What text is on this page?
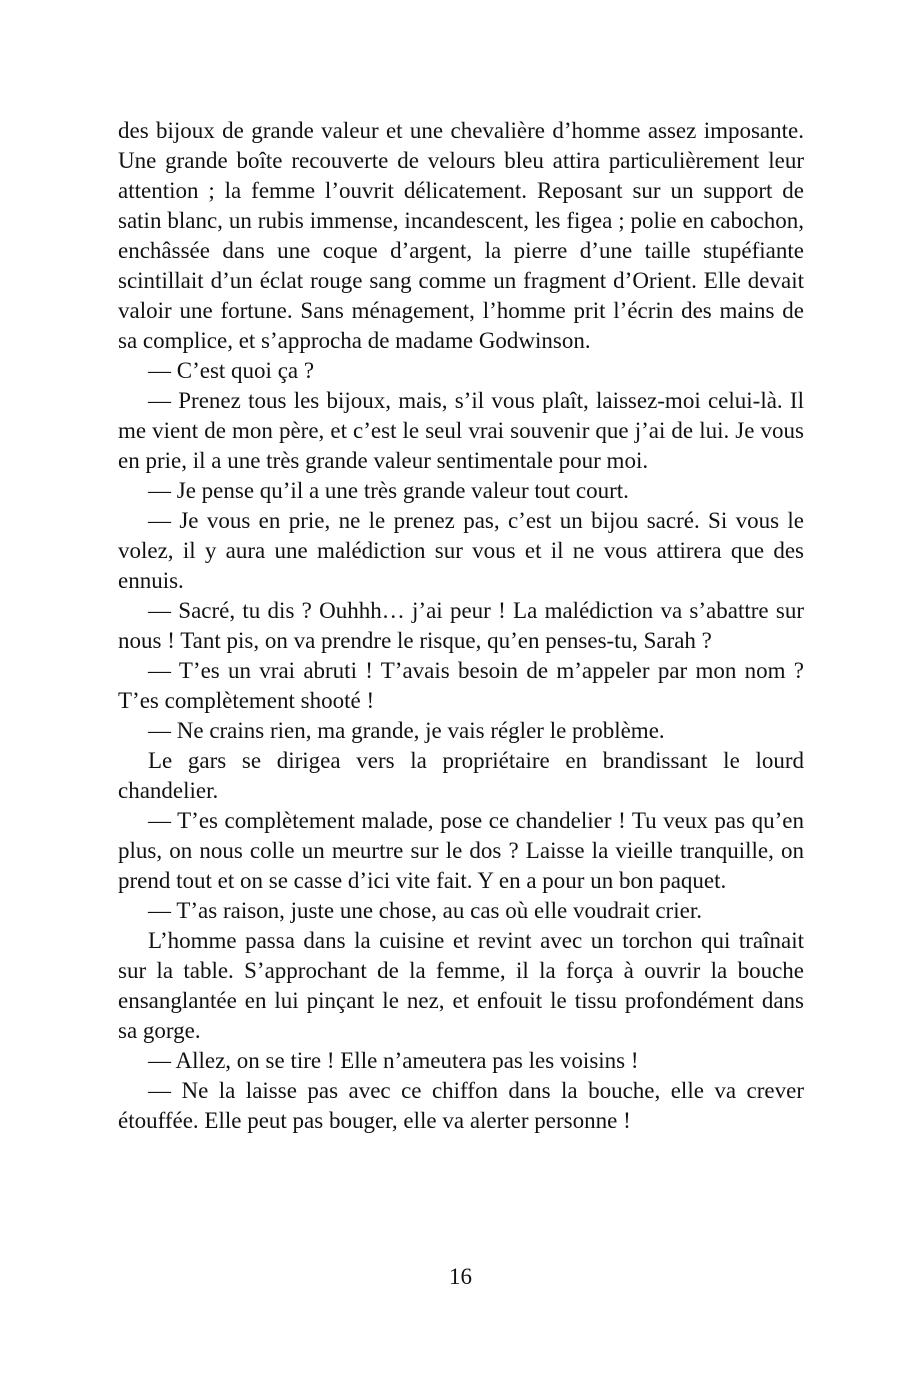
des bijoux de grande valeur et une chevalière d’homme assez imposante. Une grande boîte recouverte de velours bleu attira particulièrement leur attention ; la femme l’ouvrit délicatement. Reposant sur un support de satin blanc, un rubis immense, incandescent, les figea ; polie en cabochon, enchâssée dans une coque d’argent, la pierre d’une taille stupéfiante scintillait d’un éclat rouge sang comme un fragment d’Orient. Elle devait valoir une fortune. Sans ménagement, l’homme prit l’écrin des mains de sa complice, et s’approcha de madame Godwinson.

— C’est quoi ça ?

— Prenez tous les bijoux, mais, s’il vous plaît, laissez-moi celui-là. Il me vient de mon père, et c’est le seul vrai souvenir que j’ai de lui. Je vous en prie, il a une très grande valeur sentimentale pour moi.

— Je pense qu’il a une très grande valeur tout court.

— Je vous en prie, ne le prenez pas, c’est un bijou sacré. Si vous le volez, il y aura une malédiction sur vous et il ne vous attirera que des ennuis.

— Sacré, tu dis ? Ouhhh… j’ai peur ! La malédiction va s’abattre sur nous ! Tant pis, on va prendre le risque, qu’en penses-tu, Sarah ?

— T’es un vrai abruti ! T’avais besoin de m’appeler par mon nom ? T’es complètement shooté !

— Ne crains rien, ma grande, je vais régler le problème.

Le gars se dirigea vers la propriétaire en brandissant le lourd chandelier.

— T’es complètement malade, pose ce chandelier ! Tu veux pas qu’en plus, on nous colle un meurtre sur le dos ? Laisse la vieille tranquille, on prend tout et on se casse d’ici vite fait. Y en a pour un bon paquet.

— T’as raison, juste une chose, au cas où elle voudrait crier.

L’homme passa dans la cuisine et revint avec un torchon qui traînait sur la table. S’approchant de la femme, il la força à ouvrir la bouche ensanglantée en lui pinçant le nez, et enfouit le tissu profondément dans sa gorge.

— Allez, on se tire ! Elle n’ameutera pas les voisins !

— Ne la laisse pas avec ce chiffon dans la bouche, elle va crever étouffée. Elle peut pas bouger, elle va alerter personne !

16
